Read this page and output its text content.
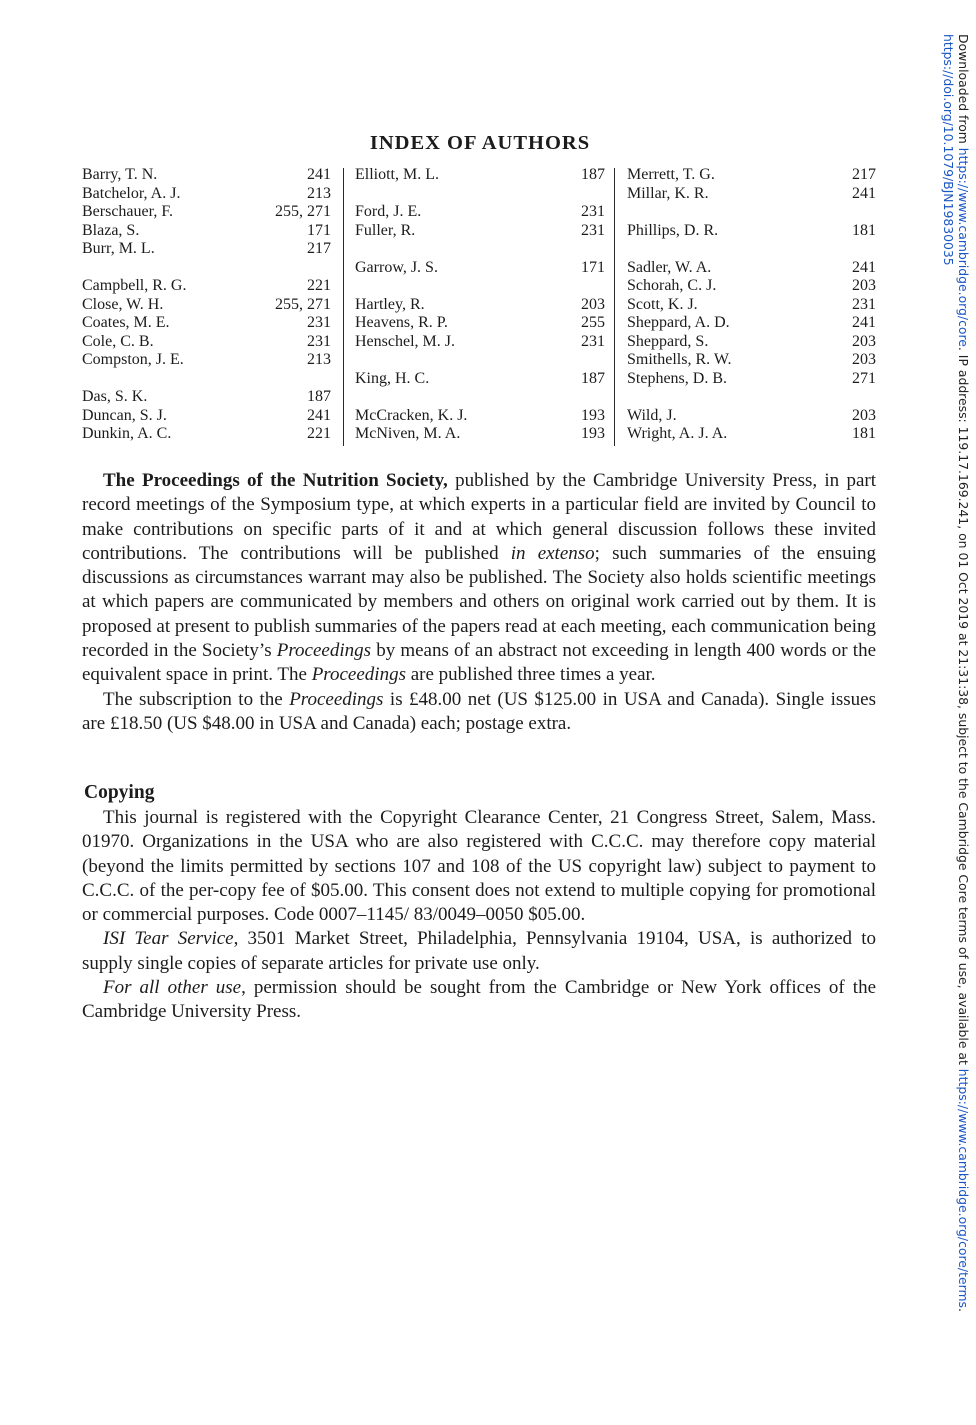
Downloaded from https://www.cambridge.org/core. IP address: 119.17.169.241, on 01 Oct 2019 at 21:31:38, subject to the Cambridge Core terms of use, available at https://www.cambridge.org/core/terms.
https://doi.org/10.1079/BJN19830035
INDEX OF AUTHORS
Barry, T. N.	241
Batchelor, A. J.	213
Berschauer, F.	255, 271
Blaza, S.	171
Burr, M. L.	217
Campbell, R. G.	221
Close, W. H.	255, 271
Coates, M. E.	231
Cole, C. B.	231
Compston, J. E.	213
Das, S. K.	187
Duncan, S. J.	241
Dunkin, A. C.	221
Elliott, M. L.	187
Ford, J. E.	231
Fuller, R.	231
Garrow, J. S.	171
Hartley, R.	203
Heavens, R. P.	255
Henschel, M. J.	231
King, H. C.	187
McCracken, K. J.	193
McNiven, M. A.	193
Merrett, T. G.	217
Millar, K. R.	241
Phillips, D. R.	181
Sadler, W. A.	241
Schorah, C. J.	203
Scott, K. J.	231
Sheppard, A. D.	241
Sheppard, S.	203
Smithells, R. W.	203
Stephens, D. B.	271
Wild, J.	203
Wright, A. J. A.	181

The Proceedings of the Nutrition Society, published by the Cambridge University Press, in part record meetings of the Symposium type, at which experts in a particular field are invited by Council to make contributions on specific parts of it and at which general discussion follows these invited contributions. The contributions will be published in extenso; such summaries of the ensuing discussions as circumstances warrant may also be published. The Society also holds scientific meetings at which papers are communicated by members and others on original work carried out by them. It is proposed at present to publish summaries of the papers read at each meeting, each communication being recorded in the Society’s Proceedings by means of an abstract not exceeding in length 400 words or the equivalent space in print. The Proceedings are published three times a year.

The subscription to the Proceedings is £48.00 net (US $125.00 in USA and Canada). Single issues are £18.50 (US $48.00 in USA and Canada) each; postage extra.

Copying

This journal is registered with the Copyright Clearance Center, 21 Congress Street, Salem, Mass. 01970. Organizations in the USA who are also registered with C.C.C. may therefore copy material (beyond the limits permitted by sections 107 and 108 of the US copyright law) subject to payment to C.C.C. of the per-copy fee of $05.00. This consent does not extend to multiple copying for promotional or commercial purposes. Code 0007–1145/ 83/0049–0050 $05.00.

ISI Tear Service, 3501 Market Street, Philadelphia, Pennsylvania 19104, USA, is authorized to supply single copies of separate articles for private use only.

For all other use, permission should be sought from the Cambridge or New York offices of the Cambridge University Press.
